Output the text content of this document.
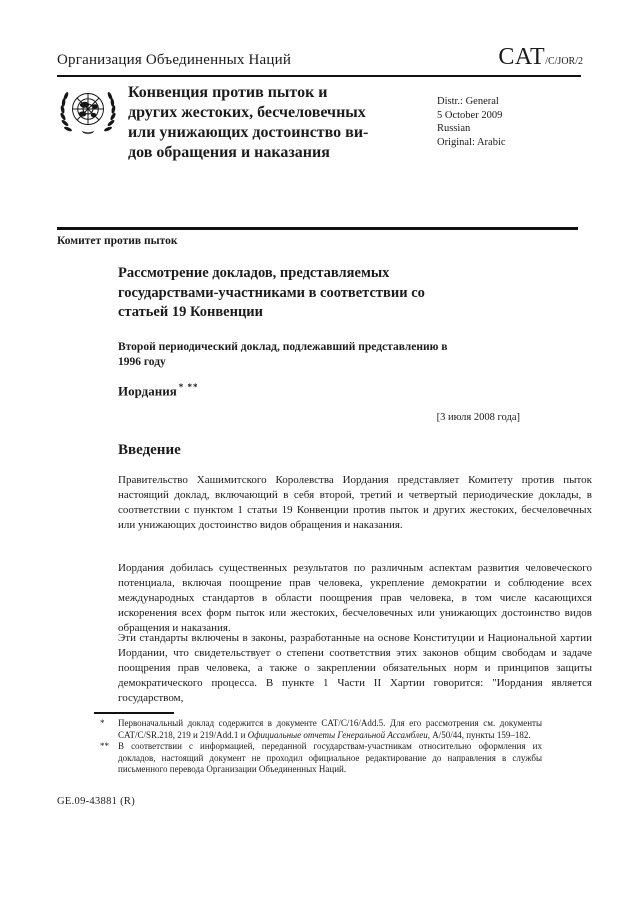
Организация Объединенных Наций	CAT/C/JOR/2
Конвенция против пыток и
других жестоких, бесчеловечных
или унижающих достоинство ви-
дов обращения и наказания
Distr.: General
5 October 2009
Russian
Original: Arabic
Комитет против пыток
Рассмотрение докладов, представляемых
государствами-участниками в соответствии со
статьей 19 Конвенции
Второй периодический доклад, подлежавший представлению в
1996 году
Иордания * **
[3 июля 2008 года]
Введение
Правительство Хашимитского Королевства Иордания представляет Комитету против пыток настоящий доклад, включающий в себя второй, третий и четвертый периодические доклады, в соответствии с пунктом 1 статьи 19 Конвенции против пыток и других жестоких, бесчеловечных или унижающих достоинство видов обращения и наказания.
Иордания добилась существенных результатов по различным аспектам развития человеческого потенциала, включая поощрение прав человека, укрепление демократии и соблюдение всех международных стандартов в области поощрения прав человека, в том числе касающихся искоренения всех форм пыток или жестоких, бесчеловечных или унижающих достоинство видов обращения и наказания.
Эти стандарты включены в законы, разработанные на основе Конституции и Национальной хартии Иордании, что свидетельствует о степени соответствия этих законов общим свободам и задаче поощрения прав человека, а также о закреплении обязательных норм и принципов защиты демократического процесса. В пункте 1 Части II Хартии говорится: "Иордания является государством,
*	Первоначальный доклад содержится в документе CAT/C/16/Add.5. Для его рассмотрения см. документы CAT/C/SR.218, 219 и 219/Add.1 и Официальные отчеты Генеральной Ассамблеи, A/50/44, пункты 159–182.
**	В соответствии с информацией, переданной государствам-участникам относительно оформления их докладов, настоящий документ не проходил официальное редактирование до направления в службы письменного перевода Организации Объединенных Наций.
GE.09-43881 (R)
